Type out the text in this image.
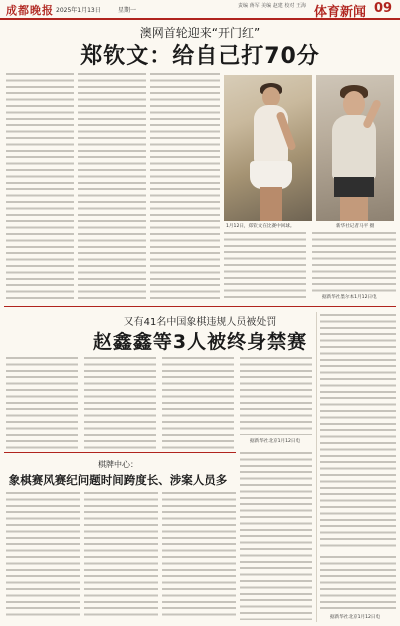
成都晚报 2025年1月13日	星期一
责编 蒋军 美编 赵建 校对 王海 体育新闻 09
澳网首轮迎来“开门红”
郑钦文：给自己打70分
1月12日，郑钦文在比赛中回球。	新华社记者马平 摄
据新华社墨尔本1月12日电
又有41名中国象棋违规人员被处罚
赵鑫鑫等3人被终身禁赛
据新华社北京1月12日电
棋牌中心：
象棋赛风赛纪问题时间跨度长、涉案人员多
据新华社北京1月12日电
